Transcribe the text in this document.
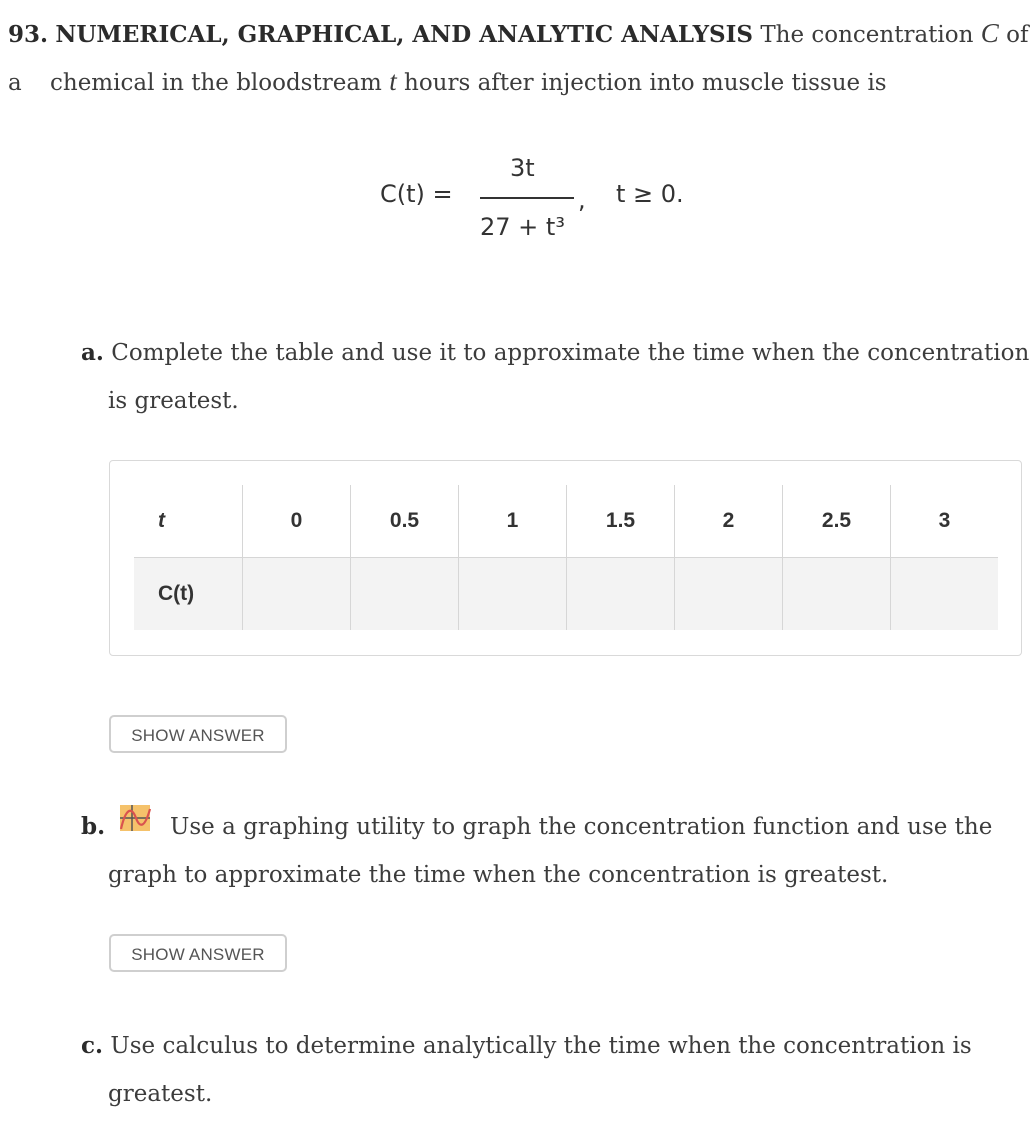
93. NUMERICAL, GRAPHICAL, AND ANALYTIC ANALYSIS The concentration C of a	chemical in the bloodstream t hours after injection into muscle tissue is

C(t) =
3t
27 + t³
, t ≥ 0.

a. Complete the table and use it to approximate the time when the concentration

is greatest.

t	0	0.5	1	1.5	2	2.5	3
C(t)							
SHOW ANSWER

b.	Use a graphing utility to graph the concentration function and use the

graph to approximate the time when the concentration is greatest.

SHOW ANSWER

c. Use calculus to determine analytically the time when the concentration is

greatest.
